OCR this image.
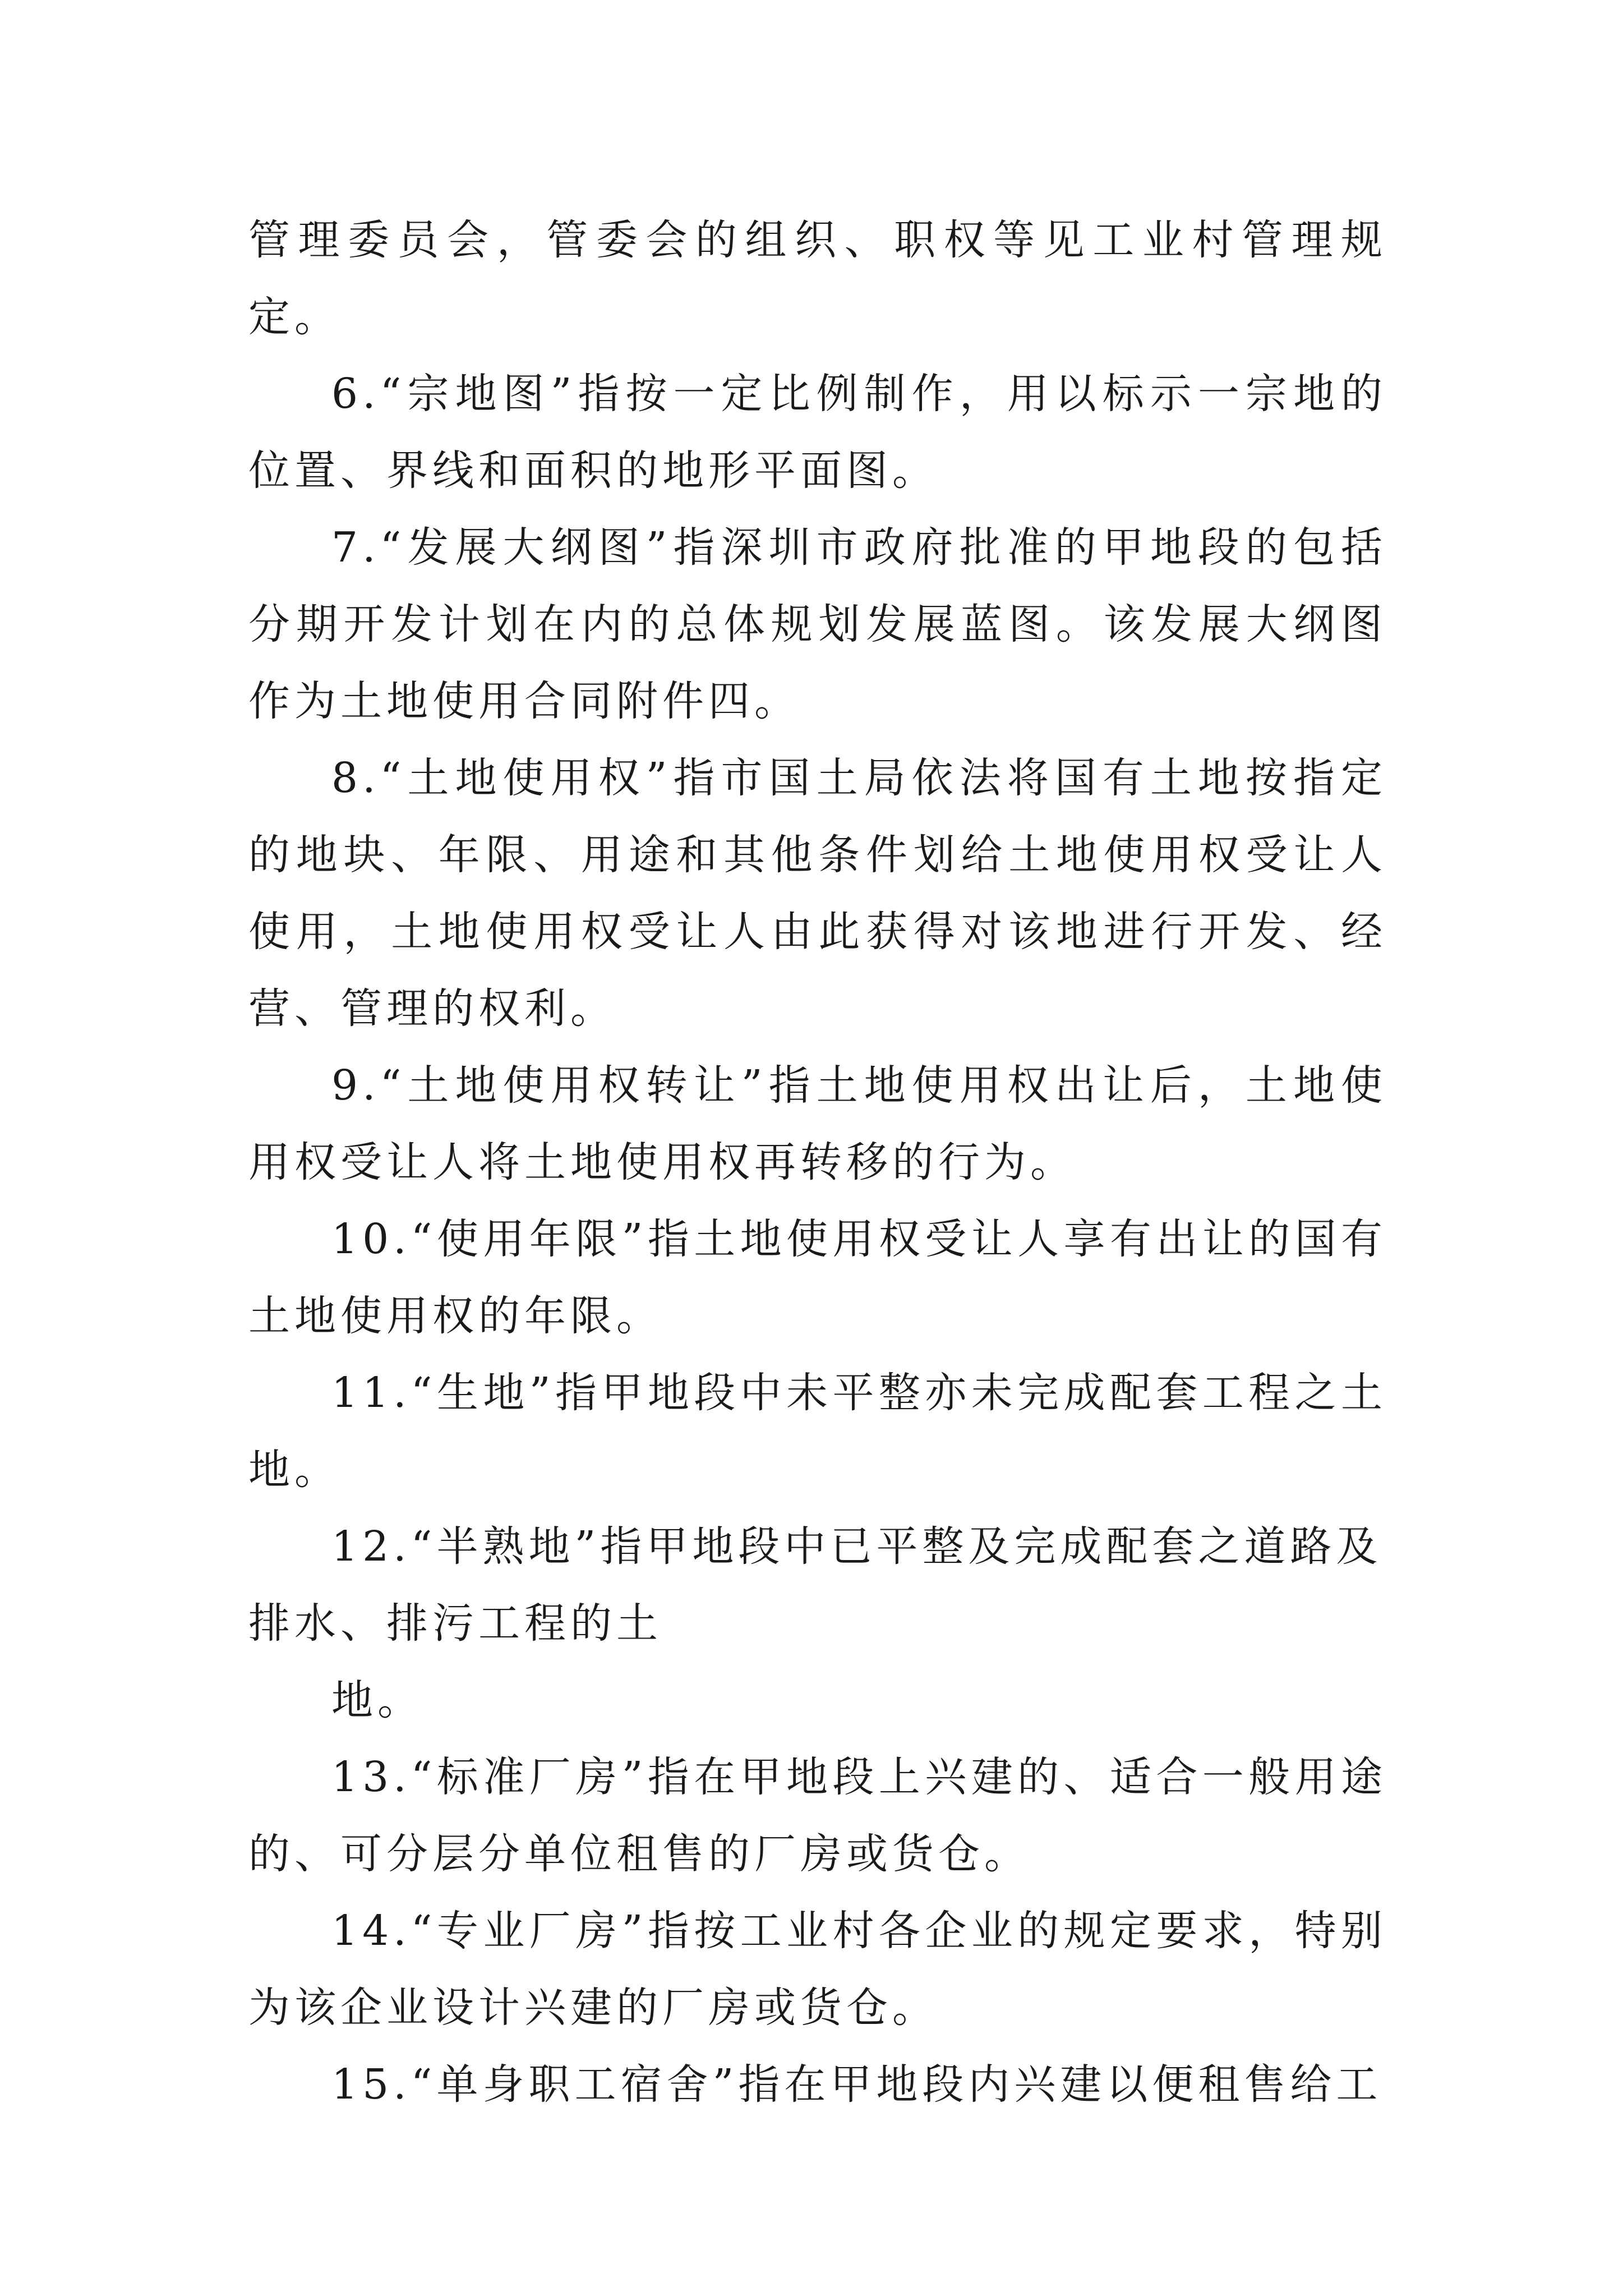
管理委员会，管委会的组织、职权等见工业村管理规定。

6.“宗地图”指按一定比例制作，用以标示一宗地的位置、界线和面积的地形平面图。

7.“发展大纲图”指深圳市政府批准的甲地段的包括分期开发计划在内的总体规划发展蓝图。该发展大纲图作为土地使用合同附件四。

8.“土地使用权”指市国土局依法将国有土地按指定的地块、年限、用途和其他条件划给土地使用权受让人使用，土地使用权受让人由此获得对该地进行开发、经营、管理的权利。

9.“土地使用权转让”指土地使用权出让后，土地使用权受让人将土地使用权再转移的行为。

10.“使用年限”指土地使用权受让人享有出让的国有土地使用权的年限。

11.“生地”指甲地段中未平整亦未完成配套工程之土地。

12.“半熟地”指甲地段中已平整及完成配套之道路及排水、排污工程的土

地。

13.“标准厂房”指在甲地段上兴建的、适合一般用途的、可分层分单位租售的厂房或货仓。

14.“专业厂房”指按工业村各企业的规定要求，特别为该企业设计兴建的厂房或货仓。

15.“单身职工宿舍”指在甲地段内兴建以便租售给工
